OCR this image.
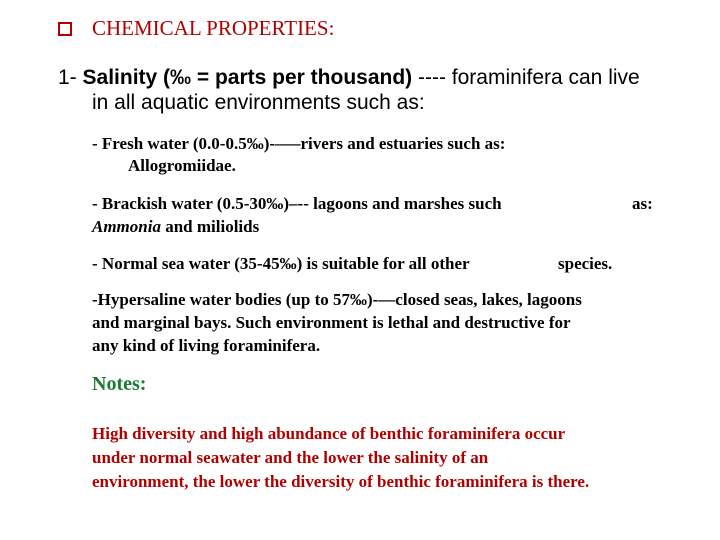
CHEMICAL PROPERTIES:
1- Salinity (‰ = parts per thousand) ---- foraminifera can live
in all aquatic environments such as:
- Fresh water (0.0-0.5‰)-–––rivers and estuaries such as:
Allogromiidae.
- Brackish water (0.5-30‰)–-- lagoons and marshes such	as:
Ammonia and miliolids
- Normal sea water (35-45‰) is suitable for all other	species.
-Hypersaline water bodies (up to 57‰)-––closed seas, lakes, lagoons
and marginal bays. Such environment is lethal and destructive for
any kind of living foraminifera.
Notes:
High diversity and high abundance of benthic foraminifera occur
under normal seawater and the lower the salinity of an
environment, the lower the diversity of benthic foraminifera is there.
